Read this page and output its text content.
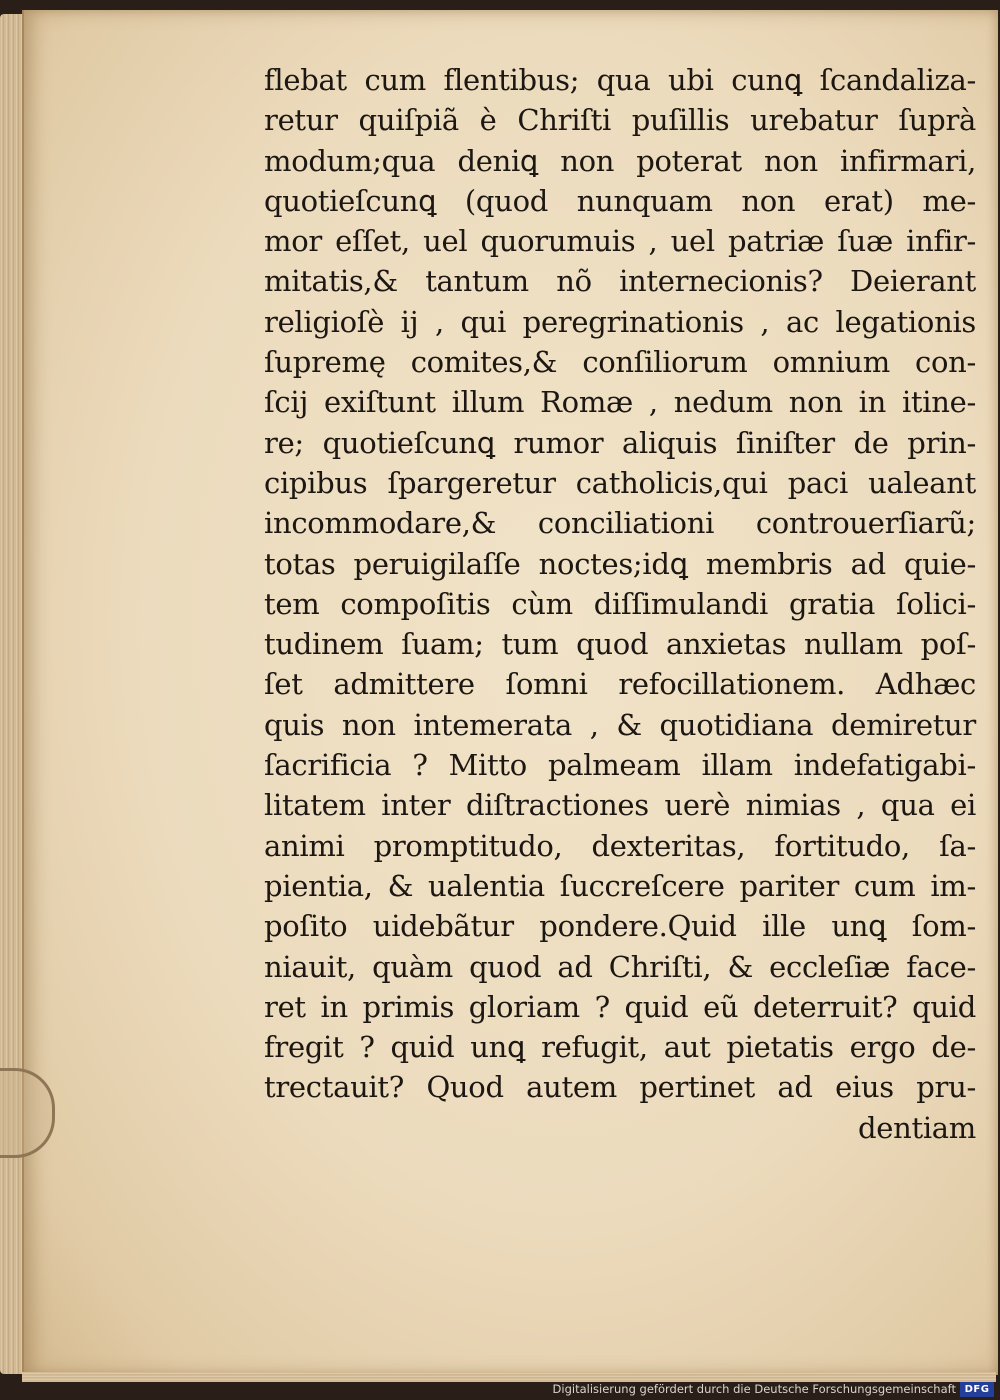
flebat cum flentibus; qua ubi cunꝗ ſcandaliza-
retur quiſpiã è Chriſti puſillis urebatur ſuprà
modum;qua deniꝗ non poterat non infirmari,
quotieſcunꝗ (quod nunquam non erat) me-
mor eſſet, uel quorumuis , uel patriæ ſuæ infir-
mitatis,& tantum nõ internecionis? Deierant
religioſè ij , qui peregrinationis , ac legationis
ſupremę comites,& conſiliorum omnium con-
ſcij exiſtunt illum Romæ , nedum non in itine-
re; quotieſcunꝗ rumor aliquis ſiniſter de prin-
cipibus ſpargeretur catholicis,qui paci ualeant
incommodare,& conciliationi controuerſiarũ;
totas peruigilaſſe noctes;idꝗ membris ad quie-
tem compoſitis cùm diſſimulandi gratia ſolici-
tudinem ſuam; tum quod anxietas nullam poſ-
ſet admittere ſomni refocillationem. Adhæc
quis non intemerata , & quotidiana demiretur
ſacrificia ? Mitto palmeam illam indefatigabi-
litatem inter diſtractiones uerè nimias , qua ei
animi promptitudo, dexteritas, fortitudo, ſa-
pientia, & ualentia ſuccreſcere pariter cum im-
poſito uidebãtur pondere.Quid ille unꝗ ſom-
niauit, quàm quod ad Chriſti, & eccleſiæ face-
ret in primis gloriam ? quid eũ deterruit? quid
fregit ? quid unꝗ refugit, aut pietatis ergo de-
trectauit? Quod autem pertinet ad eius pru-
dentiam
Digitalisierung gefördert durch die Deutsche Forschungsgemeinschaft DFG
